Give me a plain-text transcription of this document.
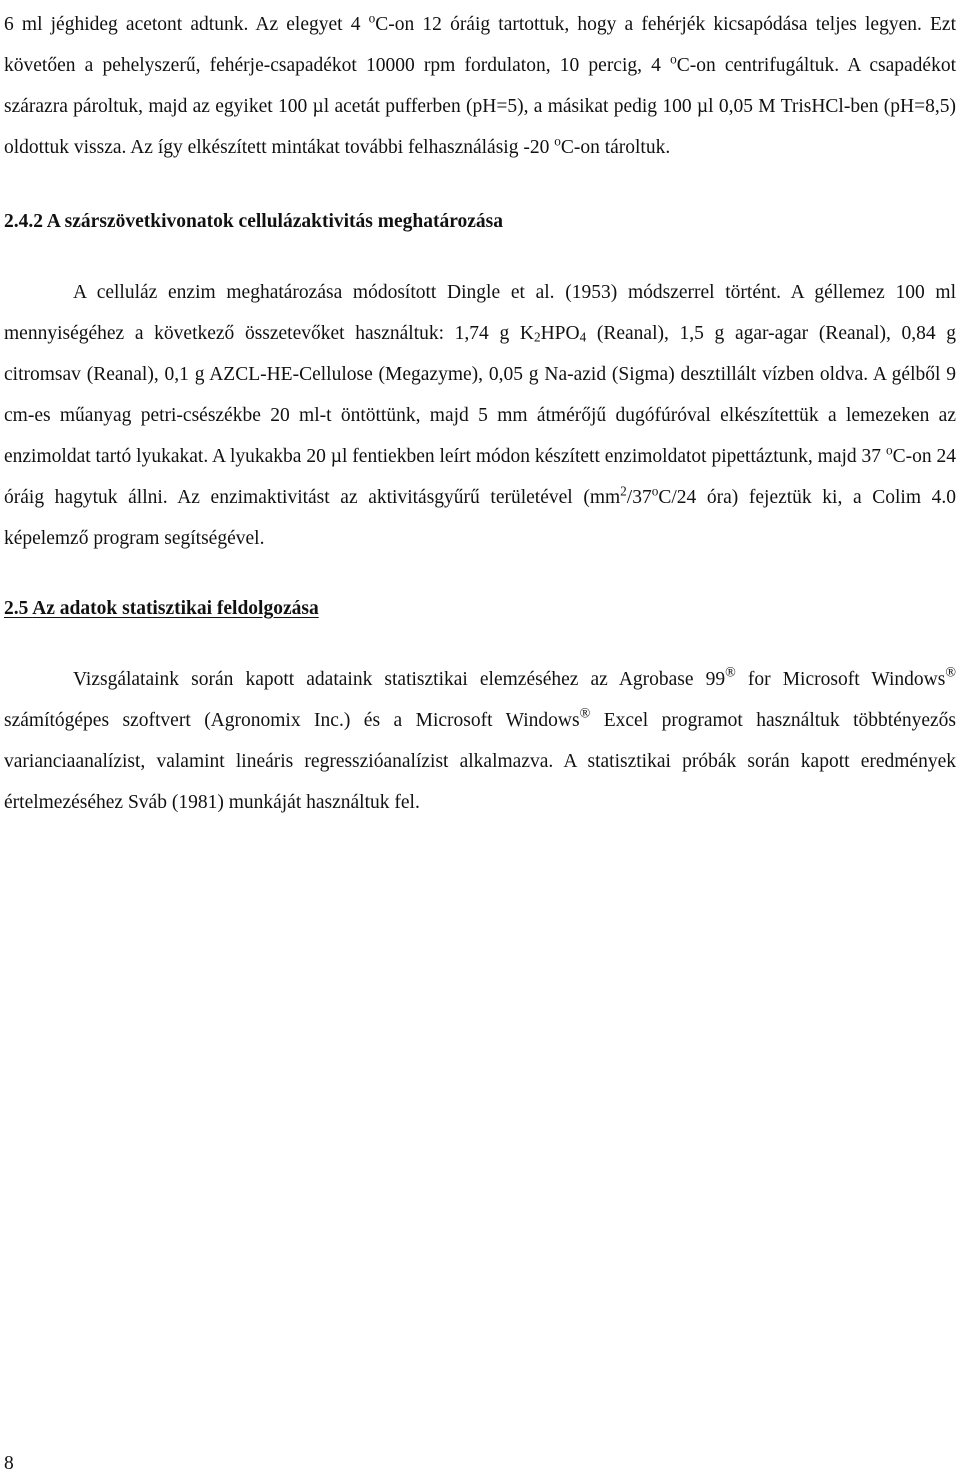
6 ml jéghideg acetont adtunk. Az elegyet 4 $^o$C-on 12 óráig tartottuk, hogy a fehérjék kicsapódása teljes legyen. Ezt követően a pehelyszerű, fehérje-csapadékot 10000 rpm fordulaton, 10 percig, 4 $^o$C-on centrifugáltuk. A csapadékot szárazra pároltuk, majd az egyiket 100 µl acetát pufferben (pH=5), a másikat pedig 100 µl 0,05 M TrisHCl-ben (pH=8,5) oldottuk vissza. Az így elkészített mintákat további felhasználásig -20 $^o$C-on tároltuk.

2.4.2 A szárszövetkivonatok cellulázaktivitás meghatározása

A celluláz enzim meghatározása módosított Dingle et al. (1953) módszerrel történt. A géllemez 100 ml mennyiségéhez a következő összetevőket használtuk: 1,74 g $K_2HPO_4$ (Reanal), 1,5 g agar-agar (Reanal), 0,84 g citromsav (Reanal), 0,1 g AZCL-HE-Cellulose (Megazyme), 0,05 g Na-azid (Sigma) desztillált vízben oldva. A gélből 9 cm-es műanyag petri-csészékbe 20 ml-t öntöttünk, majd 5 mm átmérőjű dugófúróval elkészítettük a lemezeken az enzimoldat tartó lyukakat. A lyukakba 20 µl fentiekben leírt módon készített enzimoldatot pipettáztunk, majd 37 $^o$C-on 24 óráig hagytuk állni. Az enzimaktivitást az aktivitásgyűrű területével ($mm^2/37^oC/24$ óra) fejeztük ki, a Colim 4.0 képelemző program segítségével.

2.5 Az adatok statisztikai feldolgozása

Vizsgálataink során kapott adataink statisztikai elemzéséhez az Agrobase 99® for Microsoft Windows® számítógépes szoftvert (Agronomix Inc.) és a Microsoft Windows® Excel programot használtuk többtényezős varianciaanalízist, valamint lineáris regresszióanalízist alkalmazva. A statisztikai próbák során kapott eredmények értelmezéséhez Sváb (1981) munkáját használtuk fel.

8
